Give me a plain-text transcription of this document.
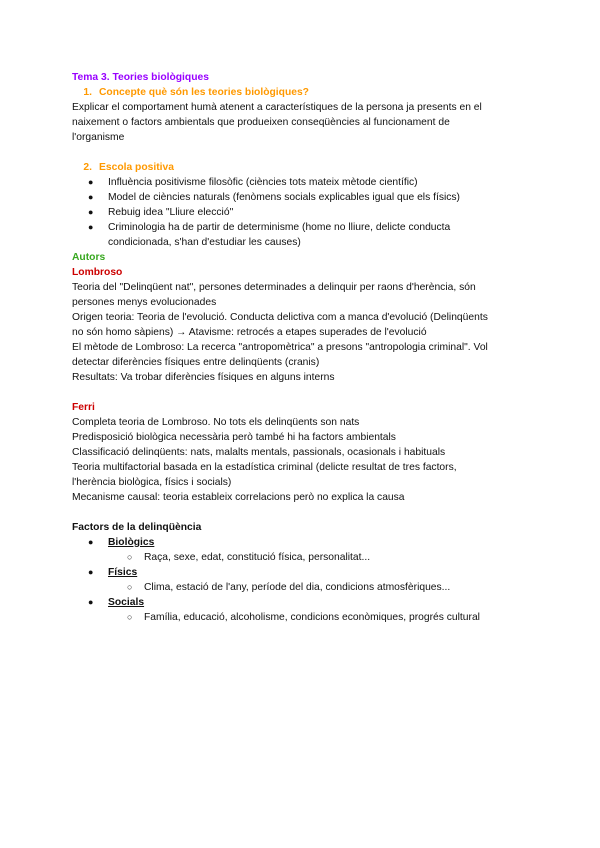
Tema 3. Teories biològiques
1. Concepte què són les teories biològiques?
Explicar el comportament humà atenent a característiques de la persona ja presents en el
naixement o factors ambientals que produeixen conseqüències al funcionament de
l'organisme
2. Escola positiva
●	Influència positivisme filosòfic (ciències tots mateix mètode científic)
●	Model de ciències naturals (fenòmens socials explicables igual que els físics)
●	Rebuig idea "Lliure elecció"
●	Criminologia ha de partir de determinisme (home no lliure, delicte conducta
condicionada, s'han d'estudiar les causes)
Autors
Lombroso
Teoria del "Delinqüent nat", persones determinades a delinquir per raons d'herència, són
persones menys evolucionades
Origen teoria: Teoria de l'evolució. Conducta delictiva com a manca d'evolució (Delinqüents
no són homo sàpiens) → Atavisme: retrocés a etapes superades de l'evolució
El mètode de Lombroso: La recerca "antropomètrica" a presons "antropologia criminal". Vol
detectar diferències físiques entre delinqüents (cranis)
Resultats: Va trobar diferències físiques en alguns interns
Ferri
Completa teoria de Lombroso. No tots els delinqüents son nats
Predisposició biològica necessària però també hi ha factors ambientals
Classificació delinqüents: nats, malalts mentals, passionals, ocasionals i habituals
Teoria multifactorial basada en la estadística criminal (delicte resultat de tres factors,
l'herència biològica, físics i socials)
Mecanisme causal: teoria estableix correlacions però no explica la causa
Factors de la delinqüència
●	Biològics
○	Raça, sexe, edat, constitució física, personalitat...
●	Físics
○	Clima, estació de l'any, període del dia, condicions atmosfèriques...
●	Socials
○	Família, educació, alcoholisme, condicions econòmiques, progrés cultural
